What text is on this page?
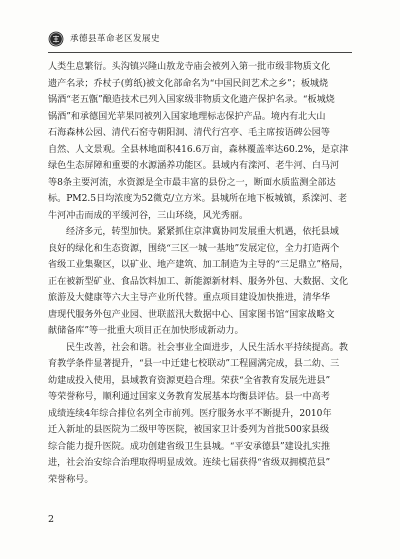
承德县革命老区发展史
人类生息繁衍。头沟镇兴隆山敖龙寺庙会被列入第一批市级非物质文化
遗产名录；乔杖子(剪纸)被文化部命名为“中国民间艺术之乡”；板城烧
锅酒“老五甑”酿造技术已列入国家级非物质文化遗产保护名录。“板城烧
锅酒”和承德国光苹果同被列入国家地理标志保护产品。境内有北大山
石海森林公园、清代石窑寺朝阳洞、清代行宫亭、毛主席按语碑公园等
自然、人文景观。全县林地面积416.6万亩，森林覆盖率达60.2%，是京津
绿色生态屏障和重要的水源涵养功能区。县域内有滦河、老牛河、白马河
等8条主要河流，水资源是全市最丰富的县份之一，断面水质监测全部达
标。PM2.5日均浓度为52微克/立方米。县城所在地下板城镇，系滦河、老
牛河冲击而成的平缓河谷，三山环绕，风光秀丽。
经济多元，转型加快。紧紧抓住京津冀协同发展重大机遇，依托县域
良好的绿化和生态资源，围绕“三区一城一基地”发展定位，全力打造两个
省级工业集聚区，以矿业、地产建筑、加工制造为主导的“三足鼎立”格局，
正在被新型矿业、食品饮料加工、新能源新材料、服务外包、大数据、文化
旅游及大健康等六大主导产业所代替。重点项目建设加快推进，清华华
唐现代服务外包产业园、世联蓝汛大数据中心、国家图书馆“国家战略文
献储备库”等一批重大项目正在加快形成新动力。
民生改善，社会和谐。社会事业全面进步，人民生活水平持续提高。教
育教学条件显著提升，“县一中迁建七校联动”工程圆满完成，县二幼、三
幼建成投入使用，县域教育资源更趋合理。荣获“全省教育发展先进县”
等荣誉称号，顺利通过国家义务教育发展基本均衡县评估。县一中高考
成绩连续4年综合排位名列全市前列。医疗服务水平不断提升，2010年
迁入新址的县医院为二级甲等医院，被国家卫计委列为首批500家县级
综合能力提升医院。成功创建省级卫生县城。“平安承德县”建设扎实推
进，社会治安综合治理取得明显成效。连续七届获得“省级双拥模范县”
荣誉称号。
2
